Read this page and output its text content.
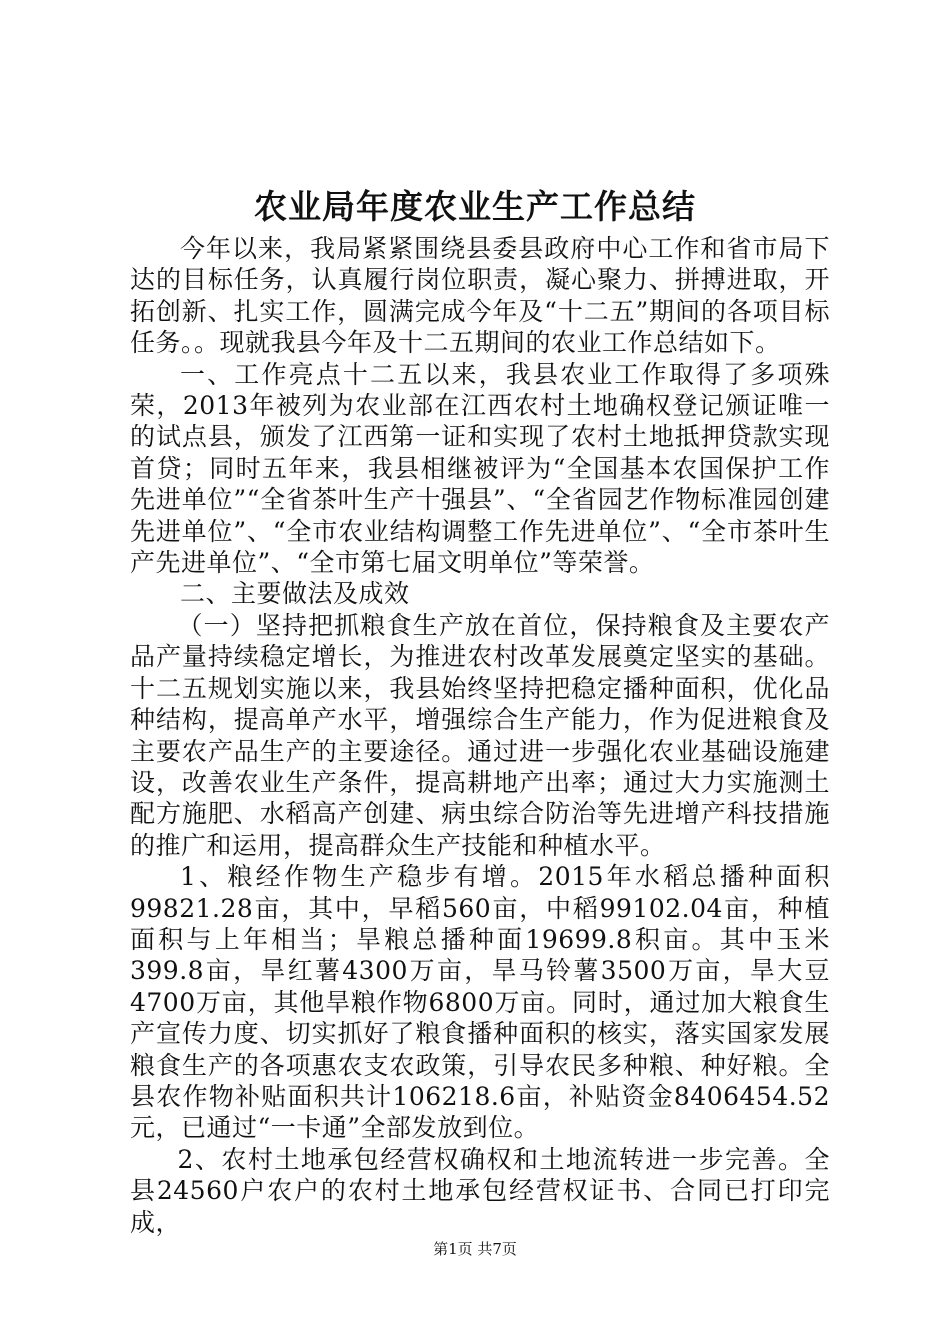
农业局年度农业生产工作总结

今年以来，我局紧紧围绕县委县政府中心工作和省市局下达的目标任务，认真履行岗位职责，凝心聚力、拼搏进取，开拓创新、扎实工作，圆满完成今年及“十二五”期间的各项目标任务。。现就我县今年及十二五期间的农业工作总结如下。

一、工作亮点十二五以来，我县农业工作取得了多项殊荣，2013年被列为农业部在江西农村土地确权登记颁证唯一的试点县，颁发了江西第一证和实现了农村土地抵押贷款实现首贷；同时五年来，我县相继被评为“全国基本农国保护工作先进单位”“全省茶叶生产十强县”、“全省园艺作物标准园创建先进单位”、“全市农业结构调整工作先进单位”、“全市茶叶生产先进单位”、“全市第七届文明单位”等荣誉。

二、主要做法及成效

（一）坚持把抓粮食生产放在首位，保持粮食及主要农产品产量持续稳定增长，为推进农村改革发展奠定坚实的基础。十二五规划实施以来，我县始终坚持把稳定播种面积，优化品种结构，提高单产水平，增强综合生产能力，作为促进粮食及主要农产品生产的主要途径。通过进一步强化农业基础设施建设，改善农业生产条件，提高耕地产出率；通过大力实施测土配方施肥、水稻高产创建、病虫综合防治等先进增产科技措施的推广和运用，提高群众生产技能和种植水平。

1、粮经作物生产稳步有增。2015年水稻总播种面积99821.28亩，其中，早稻560亩，中稻99102.04亩，种植面积与上年相当；旱粮总播种面19699.8积亩。其中玉米399.8亩，旱红薯4300万亩，旱马铃薯3500万亩，旱大豆4700万亩，其他旱粮作物6800万亩。同时，通过加大粮食生产宣传力度、切实抓好了粮食播种面积的核实，落实国家发展粮食生产的各项惠农支农政策，引导农民多种粮、种好粮。全县农作物补贴面积共计106218.6亩，补贴资金8406454.52元，已通过“一卡通”全部发放到位。

2、农村土地承包经营权确权和土地流转进一步完善。全县24560户农户的农村土地承包经营权证书、合同已打印完成，

第1页 共7页
